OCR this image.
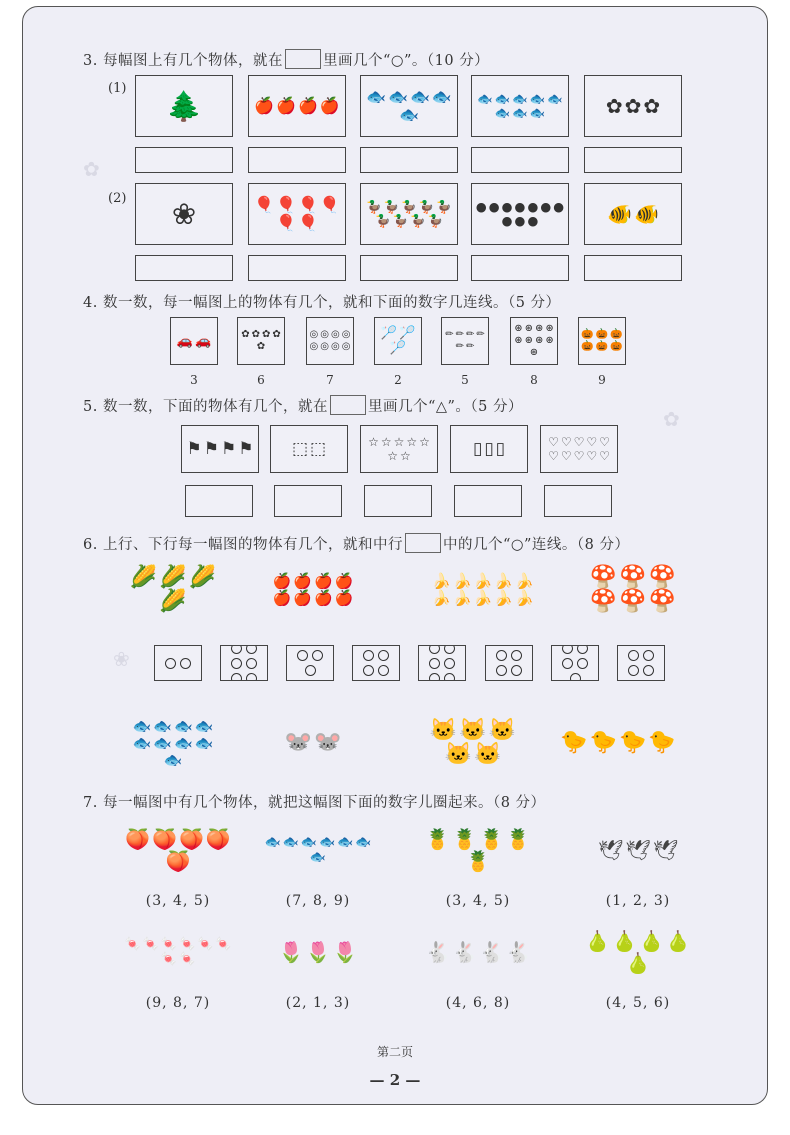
✿
✿
❀
3. 每幅图上有几个物体，就在	里画几个“○”。（10 分）
(1)
(2)
🌲	🍎 🍎 🍎 🍎 🐟 🐟 🐟 🐟
🐟
🐟 🐟 🐟 🐟 🐟
🐟 🐟 🐟	✿ ✿ ✿
❀	🎈 🎈 🎈 🎈
🎈 🎈
🦆 🦆 🦆 🦆 🦆
🦆 🦆 🦆 🦆
● ● ● ● ● ● ●
● ● ●	🐠 🐠
4. 数一数，每一幅图上的物体有几个，就和下面的数字几连线。（5 分）
🚗 🚗
3
✿ ✿ ✿ ✿
✿
6
◎ ◎ ◎ ◎
◎ ◎ ◎ ◎
7
🏸 🏸
🏸
2
✏ ✏ ✏ ✏
✏ ✏
5
⊛ ⊛ ⊛ ⊛
⊛ ⊛ ⊛ ⊛
⊛
8
🎃 🎃 🎃
🎃 🎃 🎃
9
5. 数一数，下面的物体有几个，就在	里画几个“△”。（5 分）
⚑ ⚑ ⚑ ⚑ ⬚ ⬚	☆ ☆ ☆ ☆ ☆
☆ ☆	▯ ▯ ▯	♡ ♡ ♡ ♡ ♡
♡ ♡ ♡ ♡ ♡
6. 上行、下行每一幅图的物体有几个，就和中行	中的几个“○”连线。（8 分）
🌽 🌽 🌽
🌽
🍎 🍎 🍎 🍎
🍎 🍎 🍎 🍎
🍌 🍌 🍌 🍌 🍌
🍌 🍌 🍌 🍌 🍌
🍄 🍄 🍄
🍄 🍄 🍄
🐟 🐟 🐟 🐟
🐟 🐟 🐟 🐟
🐟
🐭 🐭	🐱 🐱 🐱
🐱 🐱	🐤 🐤 🐤 🐤
7. 每一幅图中有几个物体，就把这幅图下面的数字儿圈起来。（8 分）
🍑 🍑 🍑 🍑
🍑
(3, 4, 5)
🐟 🐟 🐟 🐟 🐟 🐟
🐟
(7, 8, 9)
🍍 🍍 🍍 🍍
🍍
(3, 4, 5)
🕊 🕊 🕊
(1, 2, 3)
🍬 🍬 🍬 🍬 🍬 🍬
🍬 🍬
(9, 8, 7)
🌷 🌷 🌷
(2, 1, 3)
🐇 🐇 🐇 🐇
(4, 6, 8)
🍐 🍐 🍐 🍐
🍐
(4, 5, 6)
第二页
— 2 —
